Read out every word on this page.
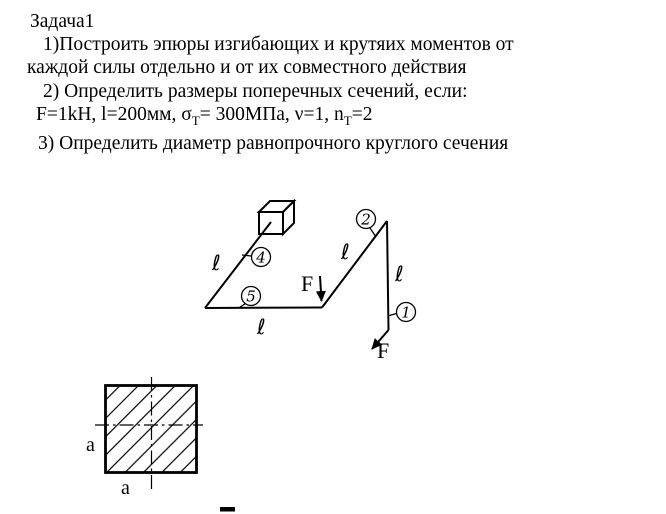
Задача1
1)Построить эпюры изгибающих и крутяих моментов от
каждой силы отдельно и от их совместного действия
2) Определить размеры поперечных сечений, если:
F=1kH, l=200мм, $\sigma_Т= 300МПа$, ν=1, $n_Т=2$
3) Определить диаметр равнопрочного круглого сечения
F
F
ℓ
ℓ
ℓ
ℓ
2
4
5
1
a
a
